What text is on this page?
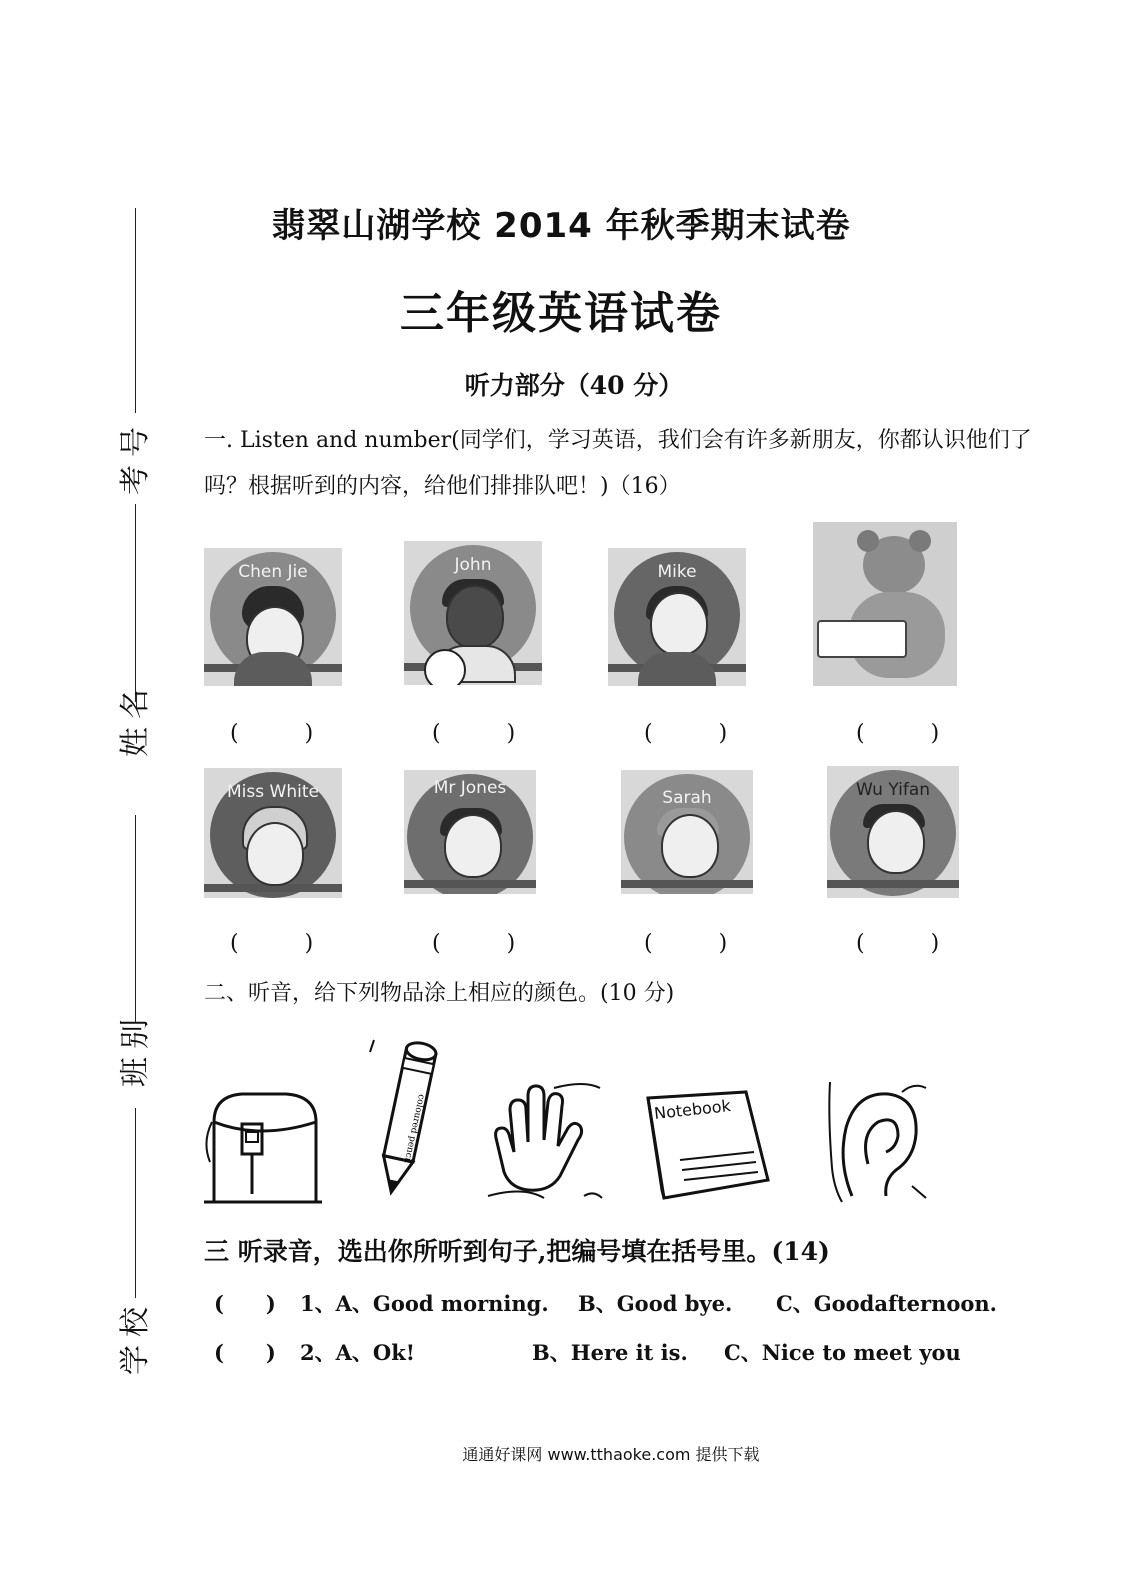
考号
姓名
班别
学校
翡翠山湖学校 2014 年秋季期末试卷
三年级英语试卷
听力部分（40 分）
一. Listen and number(同学们，学习英语，我们会有许多新朋友，你都认识他们了吗？根据听到的内容，给他们排排队吧！)（16）
Chen Jie	John	Mike
(　)	(　)	(　)	(　)
Miss White	Mr Jones	Sarah	Wu Yifan
(　)	(　)	(　)	(　)
二、听音，给下列物品涂上相应的颜色。(10 分)
coloured pencil	Notebook
三 听录音，选出你所听到句子,把编号填在括号里。(14)
(　　) 1、A、Good morning. B、Good bye. C、Goodafternoon.
(　　) 2、A、Ok!	B、Here it is. C、Nice to meet you
通通好课网 www.tthaoke.com 提供下载
